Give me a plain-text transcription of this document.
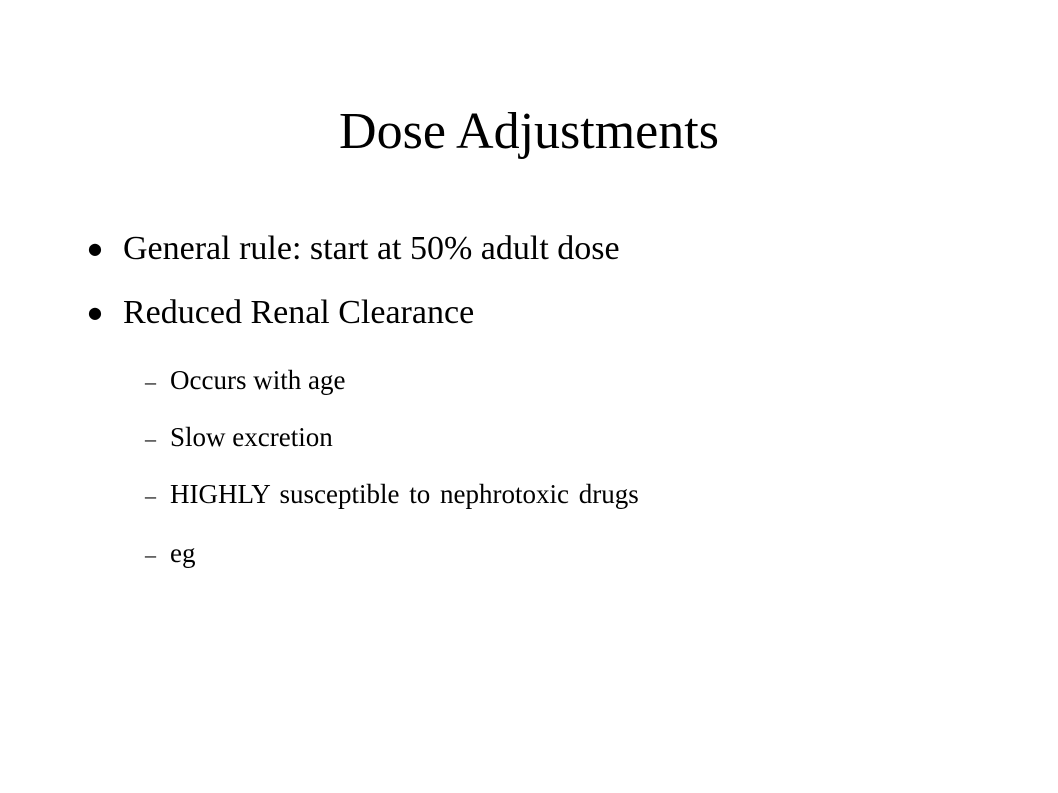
Dose Adjustments
● General rule: start at 50% adult dose
● Reduced Renal Clearance
– Occurs with age
– Slow excretion
– HIGHLY susceptible to nephrotoxic drugs
– eg
